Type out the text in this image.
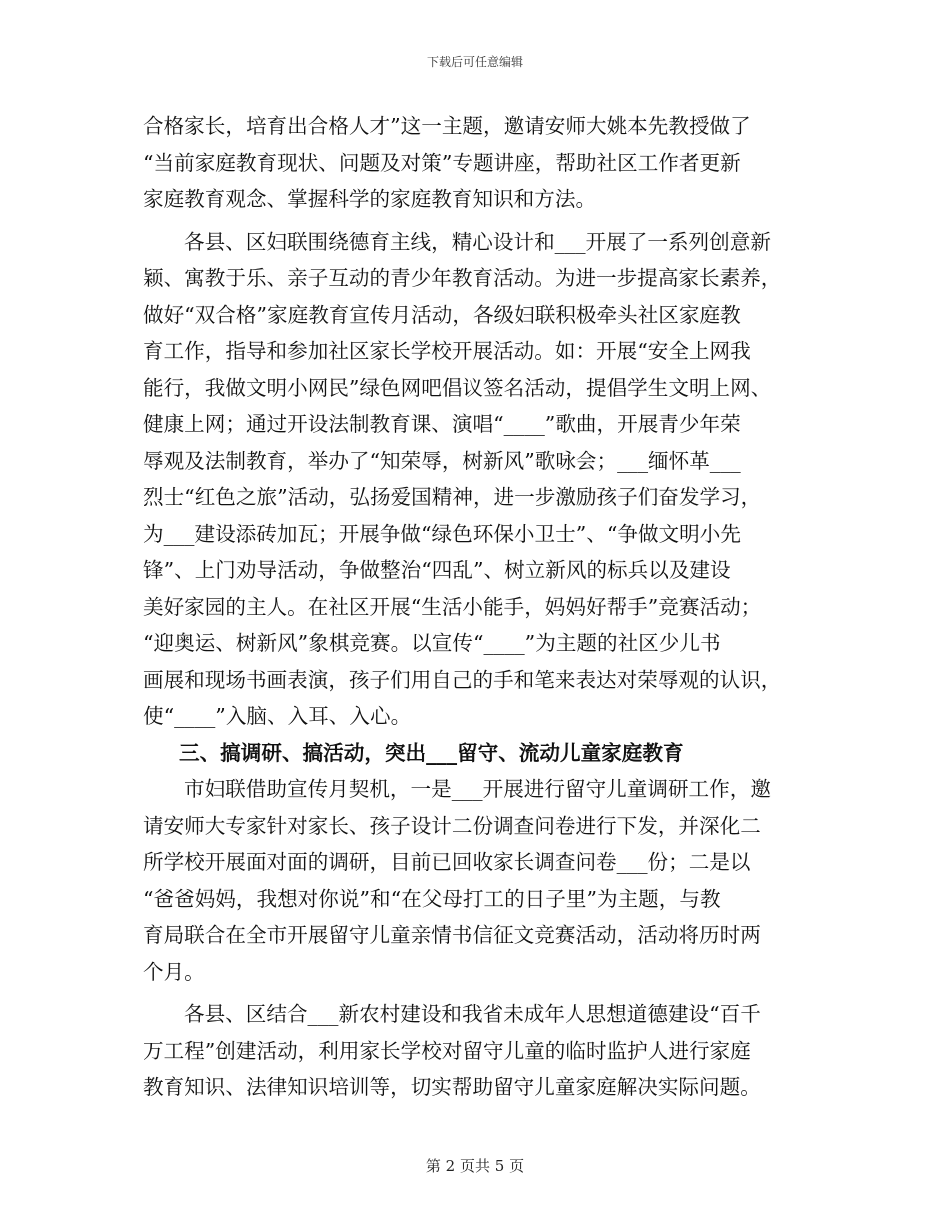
下载后可任意编辑
合格家长，培育出合格人才”这一主题，邀请安师大姚本先教授做了
“当前家庭教育现状、问题及对策”专题讲座，帮助社区工作者更新
家庭教育观念、掌握科学的家庭教育知识和方法。
各县、区妇联围绕德育主线，精心设计和___开展了一系列创意新
颖、寓教于乐、亲子互动的青少年教育活动。为进一步提高家长素养，
做好“双合格”家庭教育宣传月活动，各级妇联积极牵头社区家庭教
育工作，指导和参加社区家长学校开展活动。如：开展“安全上网我
能行，我做文明小网民”绿色网吧倡议签名活动，提倡学生文明上网、
健康上网；通过开设法制教育课、演唱“____”歌曲，开展青少年荣
辱观及法制教育，举办了“知荣辱，树新风”歌咏会；___缅怀革___
烈士“红色之旅”活动，弘扬爱国精神，进一步激励孩子们奋发学习，
为___建设添砖加瓦；开展争做“绿色环保小卫士”、“争做文明小先
锋”、上门劝导活动，争做整治“四乱”、树立新风的标兵以及建设
美好家园的主人。在社区开展“生活小能手，妈妈好帮手”竞赛活动；
“迎奥运、树新风”象棋竞赛。以宣传“____”为主题的社区少儿书
画展和现场书画表演，孩子们用自己的手和笔来表达对荣辱观的认识，
使“____”入脑、入耳、入心。
三、搞调研、搞活动，突出___留守、流动儿童家庭教育
市妇联借助宣传月契机，一是___开展进行留守儿童调研工作，邀
请安师大专家针对家长、孩子设计二份调查问卷进行下发，并深化二
所学校开展面对面的调研，目前已回收家长调查问卷___份；二是以
“爸爸妈妈，我想对你说”和“在父母打工的日子里”为主题，与教
育局联合在全市开展留守儿童亲情书信征文竞赛活动，活动将历时两
个月。
各县、区结合___新农村建设和我省未成年人思想道德建设“百千
万工程”创建活动，利用家长学校对留守儿童的临时监护人进行家庭
教育知识、法律知识培训等，切实帮助留守儿童家庭解决实际问题。
第 2 页共 5 页
